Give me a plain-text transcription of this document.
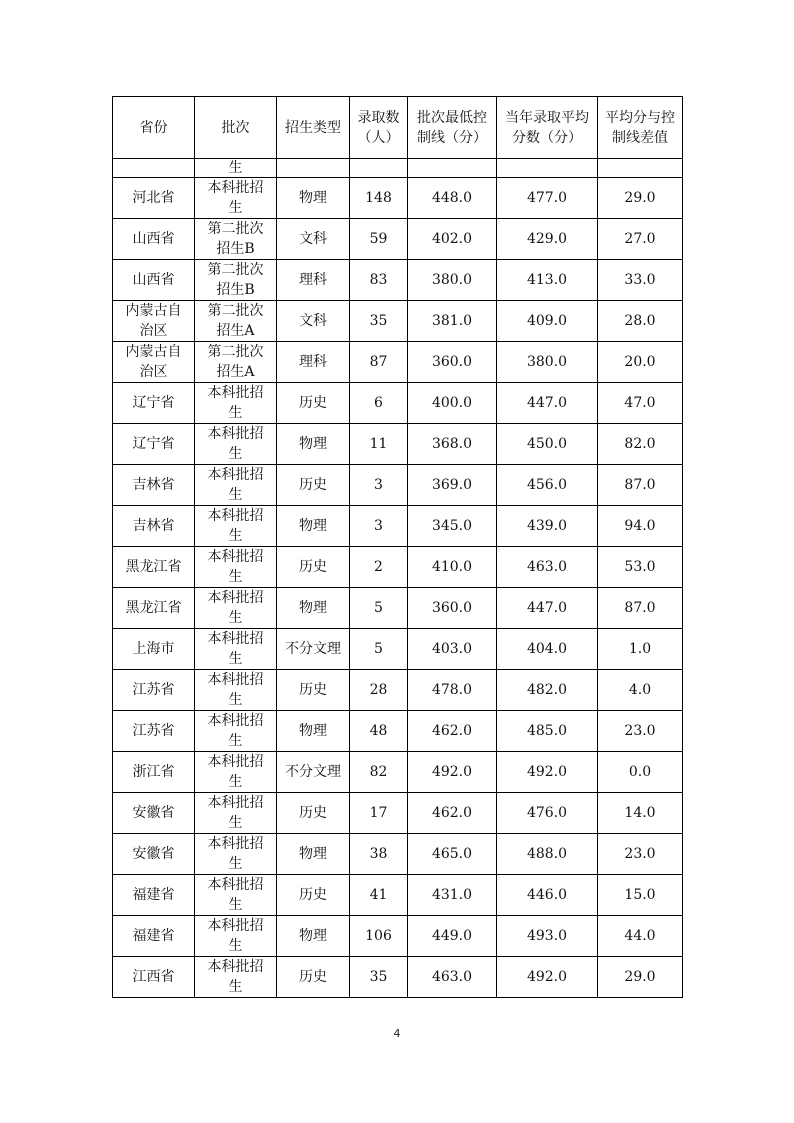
省份	批次	招生类型	录取数（人）	批次最低控制线（分）	当年录取平均分数（分）	平均分与控制线差值
	生					
河北省	本科批招生	物理	148	448.0	477.0	29.0
山西省	第二批次招生B	文科	59	402.0	429.0	27.0
山西省	第二批次招生B	理科	83	380.0	413.0	33.0
内蒙古自治区	第二批次招生A	文科	35	381.0	409.0	28.0
内蒙古自治区	第二批次招生A	理科	87	360.0	380.0	20.0
辽宁省	本科批招生	历史	6	400.0	447.0	47.0
辽宁省	本科批招生	物理	11	368.0	450.0	82.0
吉林省	本科批招生	历史	3	369.0	456.0	87.0
吉林省	本科批招生	物理	3	345.0	439.0	94.0
黑龙江省	本科批招生	历史	2	410.0	463.0	53.0
黑龙江省	本科批招生	物理	5	360.0	447.0	87.0
上海市	本科批招生	不分文理	5	403.0	404.0	1.0
江苏省	本科批招生	历史	28	478.0	482.0	4.0
江苏省	本科批招生	物理	48	462.0	485.0	23.0
浙江省	本科批招生	不分文理	82	492.0	492.0	0.0
安徽省	本科批招生	历史	17	462.0	476.0	14.0
安徽省	本科批招生	物理	38	465.0	488.0	23.0
福建省	本科批招生	历史	41	431.0	446.0	15.0
福建省	本科批招生	物理	106	449.0	493.0	44.0
江西省	本科批招生	历史	35	463.0	492.0	29.0
4
